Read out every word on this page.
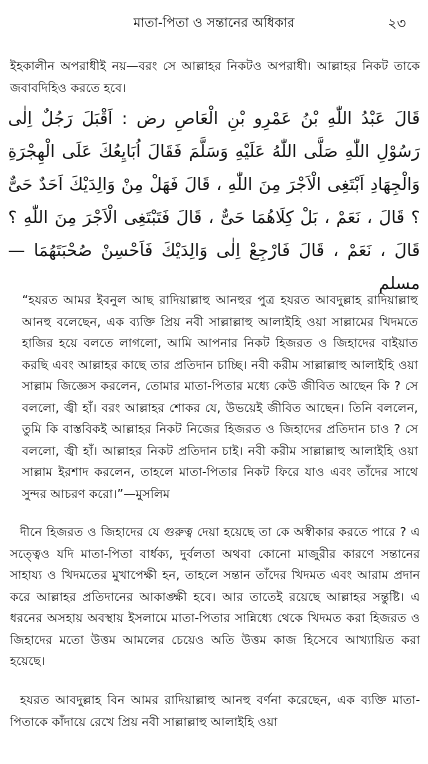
মাতা-পিতা ও সন্তানের অধিকার	২৩

ইহকালীন অপরাধীই নয়—বরং সে আল্লাহর নিকটও অপরাধী। আল্লাহর নিকট তাকে জবাবদিহিও করতে হবে।

قَالَ عَبْدُ اللّٰهِ بْنُ عَمْرِو بْنِ الْعَاصِ رض : اَقْبَلَ رَجُلٌ اِلٰى رَسُوْلِ اللّٰهِ صَلَّى اللّٰهُ عَلَيْهِ وَسَلَّمَ فَقَالَ اُبَايِعُكَ عَلَى الْهِجْرَةِ وَالْجِهَادِ اَبْتَغِى الْاَجْرَ مِنَ اللّٰهِ ، قَالَ فَهَلْ مِنْ وَالِدَيْكَ اَحَدٌ حَىٌّ ؟ قَالَ ، نَعَمْ ، بَلْ كِلَاهُمَا حَىٌّ ، قَالَ فَتَبْتَغِى الْاَجْرَ مِنَ اللّٰهِ ؟ قَالَ ، نَعَمْ ، قَالَ فَارْجِعْ اِلٰى وَالِدَيْكَ فَاَحْسِنْ صُحْبَتَهُمَا — مسلم

“হযরত আমর ইবনুল আছ রাদিয়াল্লাহু আনহুর পুত্র হযরত আবদুল্লাহ রাদিয়াল্লাহু আনহু বলেছেন, এক ব্যক্তি প্রিয় নবী সাল্লাল্লাহু আলাইহি ওয়া সাল্লামের খিদমতে হাজির হয়ে বলতে লাগলো, আমি আপনার নিকট হিজরত ও জিহাদের বাইয়াত করছি এবং আল্লাহর কাছে তার প্রতিদান চাচ্ছি। নবী করীম সাল্লাল্লাহু আলাইহি ওয়া সাল্লাম জিজ্ঞেস করলেন, তোমার মাতা-পিতার মধ্যে কেউ জীবিত আছেন কি ? সে বললো, জ্বী হাঁ। বরং আল্লাহর শোকর যে, উভয়েই জীবিত আছেন। তিনি বললেন, তুমি কি বাস্তবিকই আল্লাহর নিকট নিজের হিজরত ও জিহাদের প্রতিদান চাও ? সে বললো, জ্বী হাঁ। আল্লাহর নিকট প্রতিদান চাই। নবী করীম সাল্লাল্লাহু আলাইহি ওয়া সাল্লাম ইরশাদ করলেন, তাহলে মাতা-পিতার নিকট ফিরে যাও এবং তাঁদের সাথে সুন্দর আচরণ করো।”—মুসলিম

দীনে হিজরত ও জিহাদের যে গুরুত্ব দেয়া হয়েছে তা কে অস্বীকার করতে পারে ? এ সত্ত্বেও যদি মাতা-পিতা বার্ধক্য, দুর্বলতা অথবা কোনো মাজুরীর কারণে সন্তানের সাহায্য ও খিদমতের মুখাপেক্ষী হন, তাহলে সন্তান তাঁদের খিদমত এবং আরাম প্রদান করে আল্লাহর প্রতিদানের আকাঙ্ক্ষী হবে। আর তাতেই রয়েছে আল্লাহর সন্তুষ্টি। এ ধরনের অসহায় অবস্থায় ইসলামে মাতা-পিতার সান্নিধ্যে থেকে খিদমত করা হিজরত ও জিহাদের মতো উত্তম আমলের চেয়েও অতি উত্তম কাজ হিসেবে আখ্যায়িত করা হয়েছে।

হযরত আবদুল্লাহ বিন আমর রাদিয়াল্লাহু আনহু বর্ণনা করেছেন, এক ব্যক্তি মাতা-পিতাকে কাঁদায়ে রেখে প্রিয় নবী সাল্লাল্লাহু আলাইহি ওয়া
